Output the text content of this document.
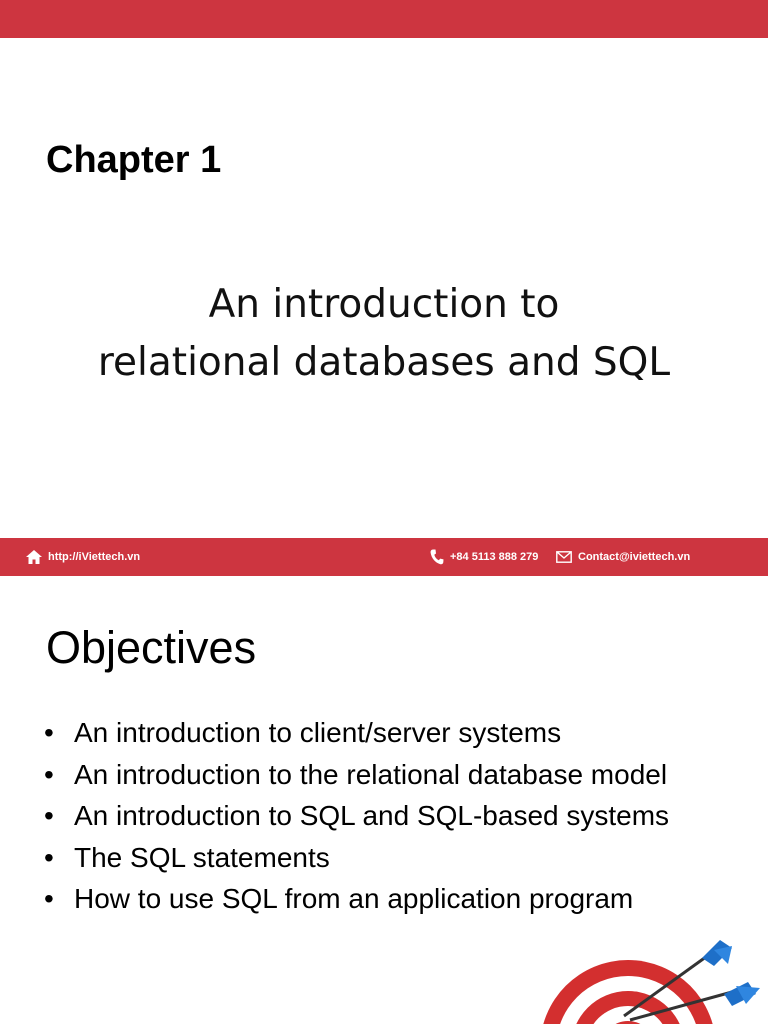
Chapter 1

An introduction to
relational databases and SQL

http://iViettech.vn	+84 5113 888 279	Contact@iviettech.vn
Objectives
• An introduction to client/server systems
• An introduction to the relational database model
• An introduction to SQL and SQL-based systems
• The SQL statements
• How to use SQL from an application program
